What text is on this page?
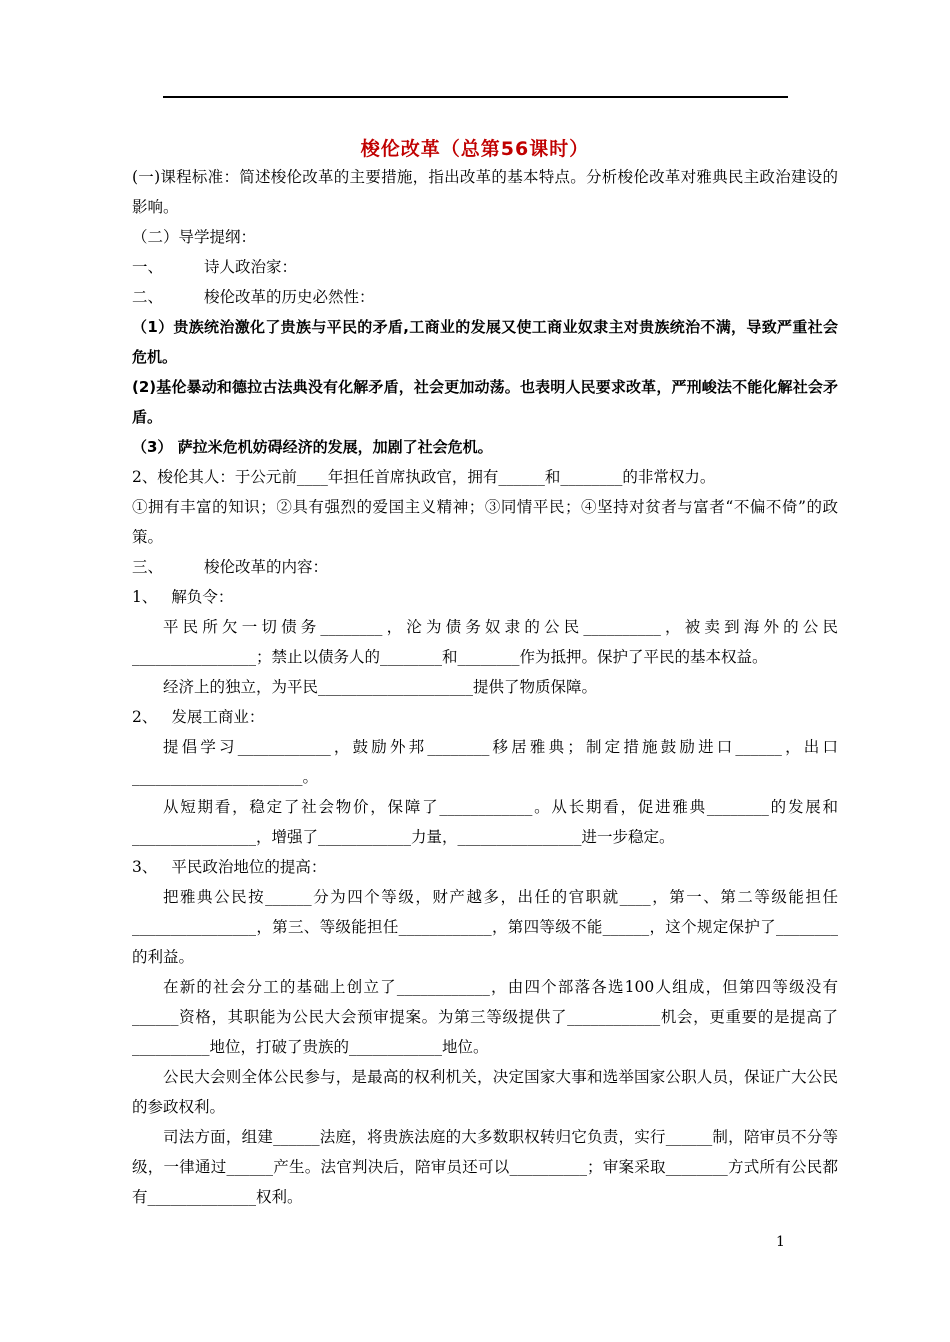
梭伦改革（总第56课时）

(一)课程标准：简述梭伦改革的主要措施，指出改革的基本特点。分析梭伦改革对雅典民主政治建设的影响。

（二）导学提纲：

一、	诗人政治家：

二、	梭伦改革的历史必然性：

（1）贵族统治激化了贵族与平民的矛盾,工商业的发展又使工商业奴隶主对贵族统治不满，导致严重社会危机。

(2)基伦暴动和德拉古法典没有化解矛盾，社会更加动荡。也表明人民要求改革，严刑峻法不能化解社会矛盾。

（3） 萨拉米危机妨碍经济的发展，加剧了社会危机。

2、梭伦其人：于公元前____年担任首席执政官，拥有______和________的非常权力。

①拥有丰富的知识；②具有强烈的爱国主义精神；③同情平民；④坚持对贫者与富者“不偏不倚”的政策。

三、	梭伦改革的内容：

1、 解负令：

平民所欠一切债务________，沦为债务奴隶的公民__________，被卖到海外的公民________________；禁止以债务人的________和________作为抵押。保护了平民的基本权益。

经济上的独立，为平民____________________提供了物质保障。

2、 发展工商业：

提倡学习____________，鼓励外邦________移居雅典；制定措施鼓励进口______，出口______________________。

从短期看，稳定了社会物价，保障了____________。从长期看，促进雅典________的发展和________________，增强了____________力量，________________进一步稳定。

3、 平民政治地位的提高：

把雅典公民按______分为四个等级，财产越多，出任的官职就____，第一、第二等级能担任________________，第三、等级能担任____________，第四等级不能______，这个规定保护了________的利益。

在新的社会分工的基础上创立了____________，由四个部落各选100人组成，但第四等级没有______资格，其职能为公民大会预审提案。为第三等级提供了____________机会，更重要的是提高了__________地位，打破了贵族的____________地位。

公民大会则全体公民参与，是最高的权利机关，决定国家大事和选举国家公职人员，保证广大公民的参政权利。

司法方面，组建______法庭，将贵族法庭的大多数职权转归它负责，实行______制，陪审员不分等级，一律通过______产生。法官判决后，陪审员还可以__________；审案采取________方式所有公民都有______________权利。

1
